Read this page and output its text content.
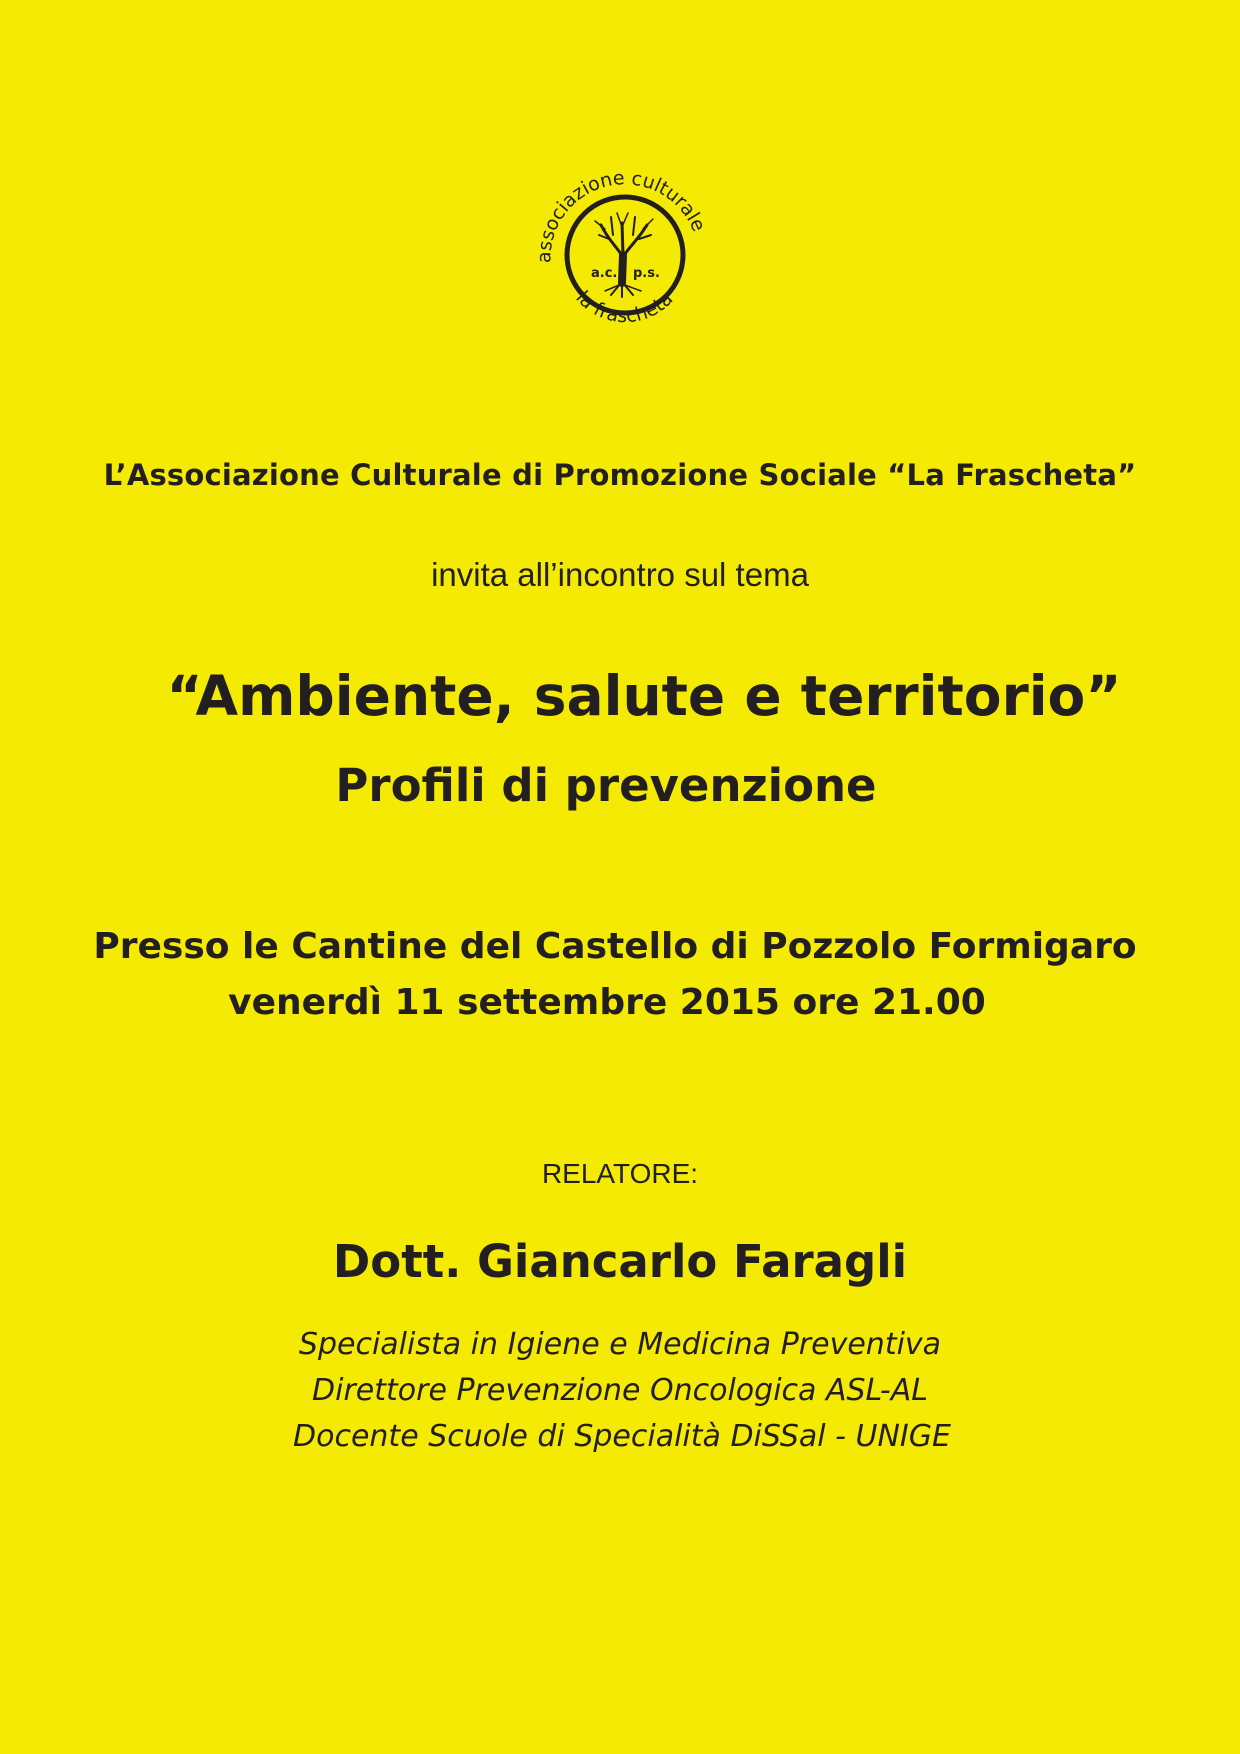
associazione culturale
la frascheta
a.c. p.s.
L’Associazione Culturale di Promozione Sociale “La Frascheta”
invita all’incontro sul tema
“Ambiente, salute e territorio”
Profili di prevenzione
Presso le Cantine del Castello di Pozzolo Formigaro
venerdì 11 settembre 2015 ore 21.00
RELATORE:
Dott. Giancarlo Faragli
Specialista in Igiene e Medicina Preventiva
Direttore Prevenzione Oncologica ASL-AL
Docente Scuole di Specialità DiSSal - UNIGE
